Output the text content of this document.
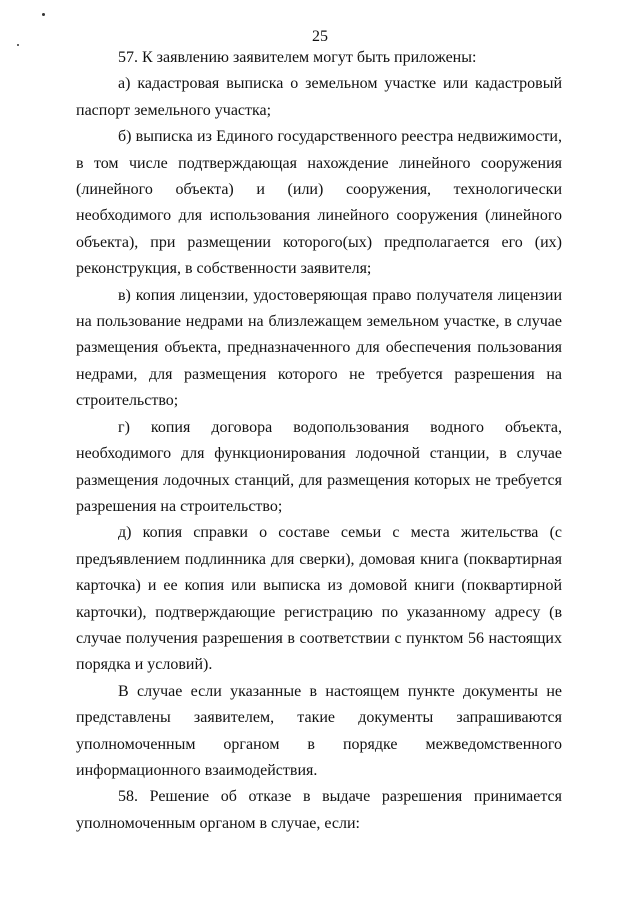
25

57. К заявлению заявителем могут быть приложены:

а) кадастровая выписка о земельном участке или кадастровый паспорт земельного участка;

б) выписка из Единого государственного реестра недвижимости, в том числе подтверждающая нахождение линейного сооружения (линейного объекта) и (или) сооружения, технологически необходимого для использования линейного сооружения (линейного объекта), при размещении которого(ых) предполагается его (их) реконструкция, в собственности заявителя;

в) копия лицензии, удостоверяющая право получателя лицензии на пользование недрами на близлежащем земельном участке, в случае размещения объекта, предназначенного для обеспечения пользования недрами, для размещения которого не требуется разрешения на строительство;

г) копия договора водопользования водного объекта, необходимого для функционирования лодочной станции, в случае размещения лодочных станций, для размещения которых не требуется разрешения на строительство;

д) копия справки о составе семьи с места жительства (с предъявлением подлинника для сверки), домовая книга (поквартирная карточка) и ее копия или выписка из домовой книги (поквартирной карточки), подтверждающие регистрацию по указанному адресу (в случае получения разрешения в соответствии с пунктом 56 настоящих порядка и условий).

В случае если указанные в настоящем пункте документы не представлены заявителем, такие документы запрашиваются уполномоченным органом в порядке межведомственного информационного взаимодействия.

58. Решение об отказе в выдаче разрешения принимается уполномоченным органом в случае, если:
